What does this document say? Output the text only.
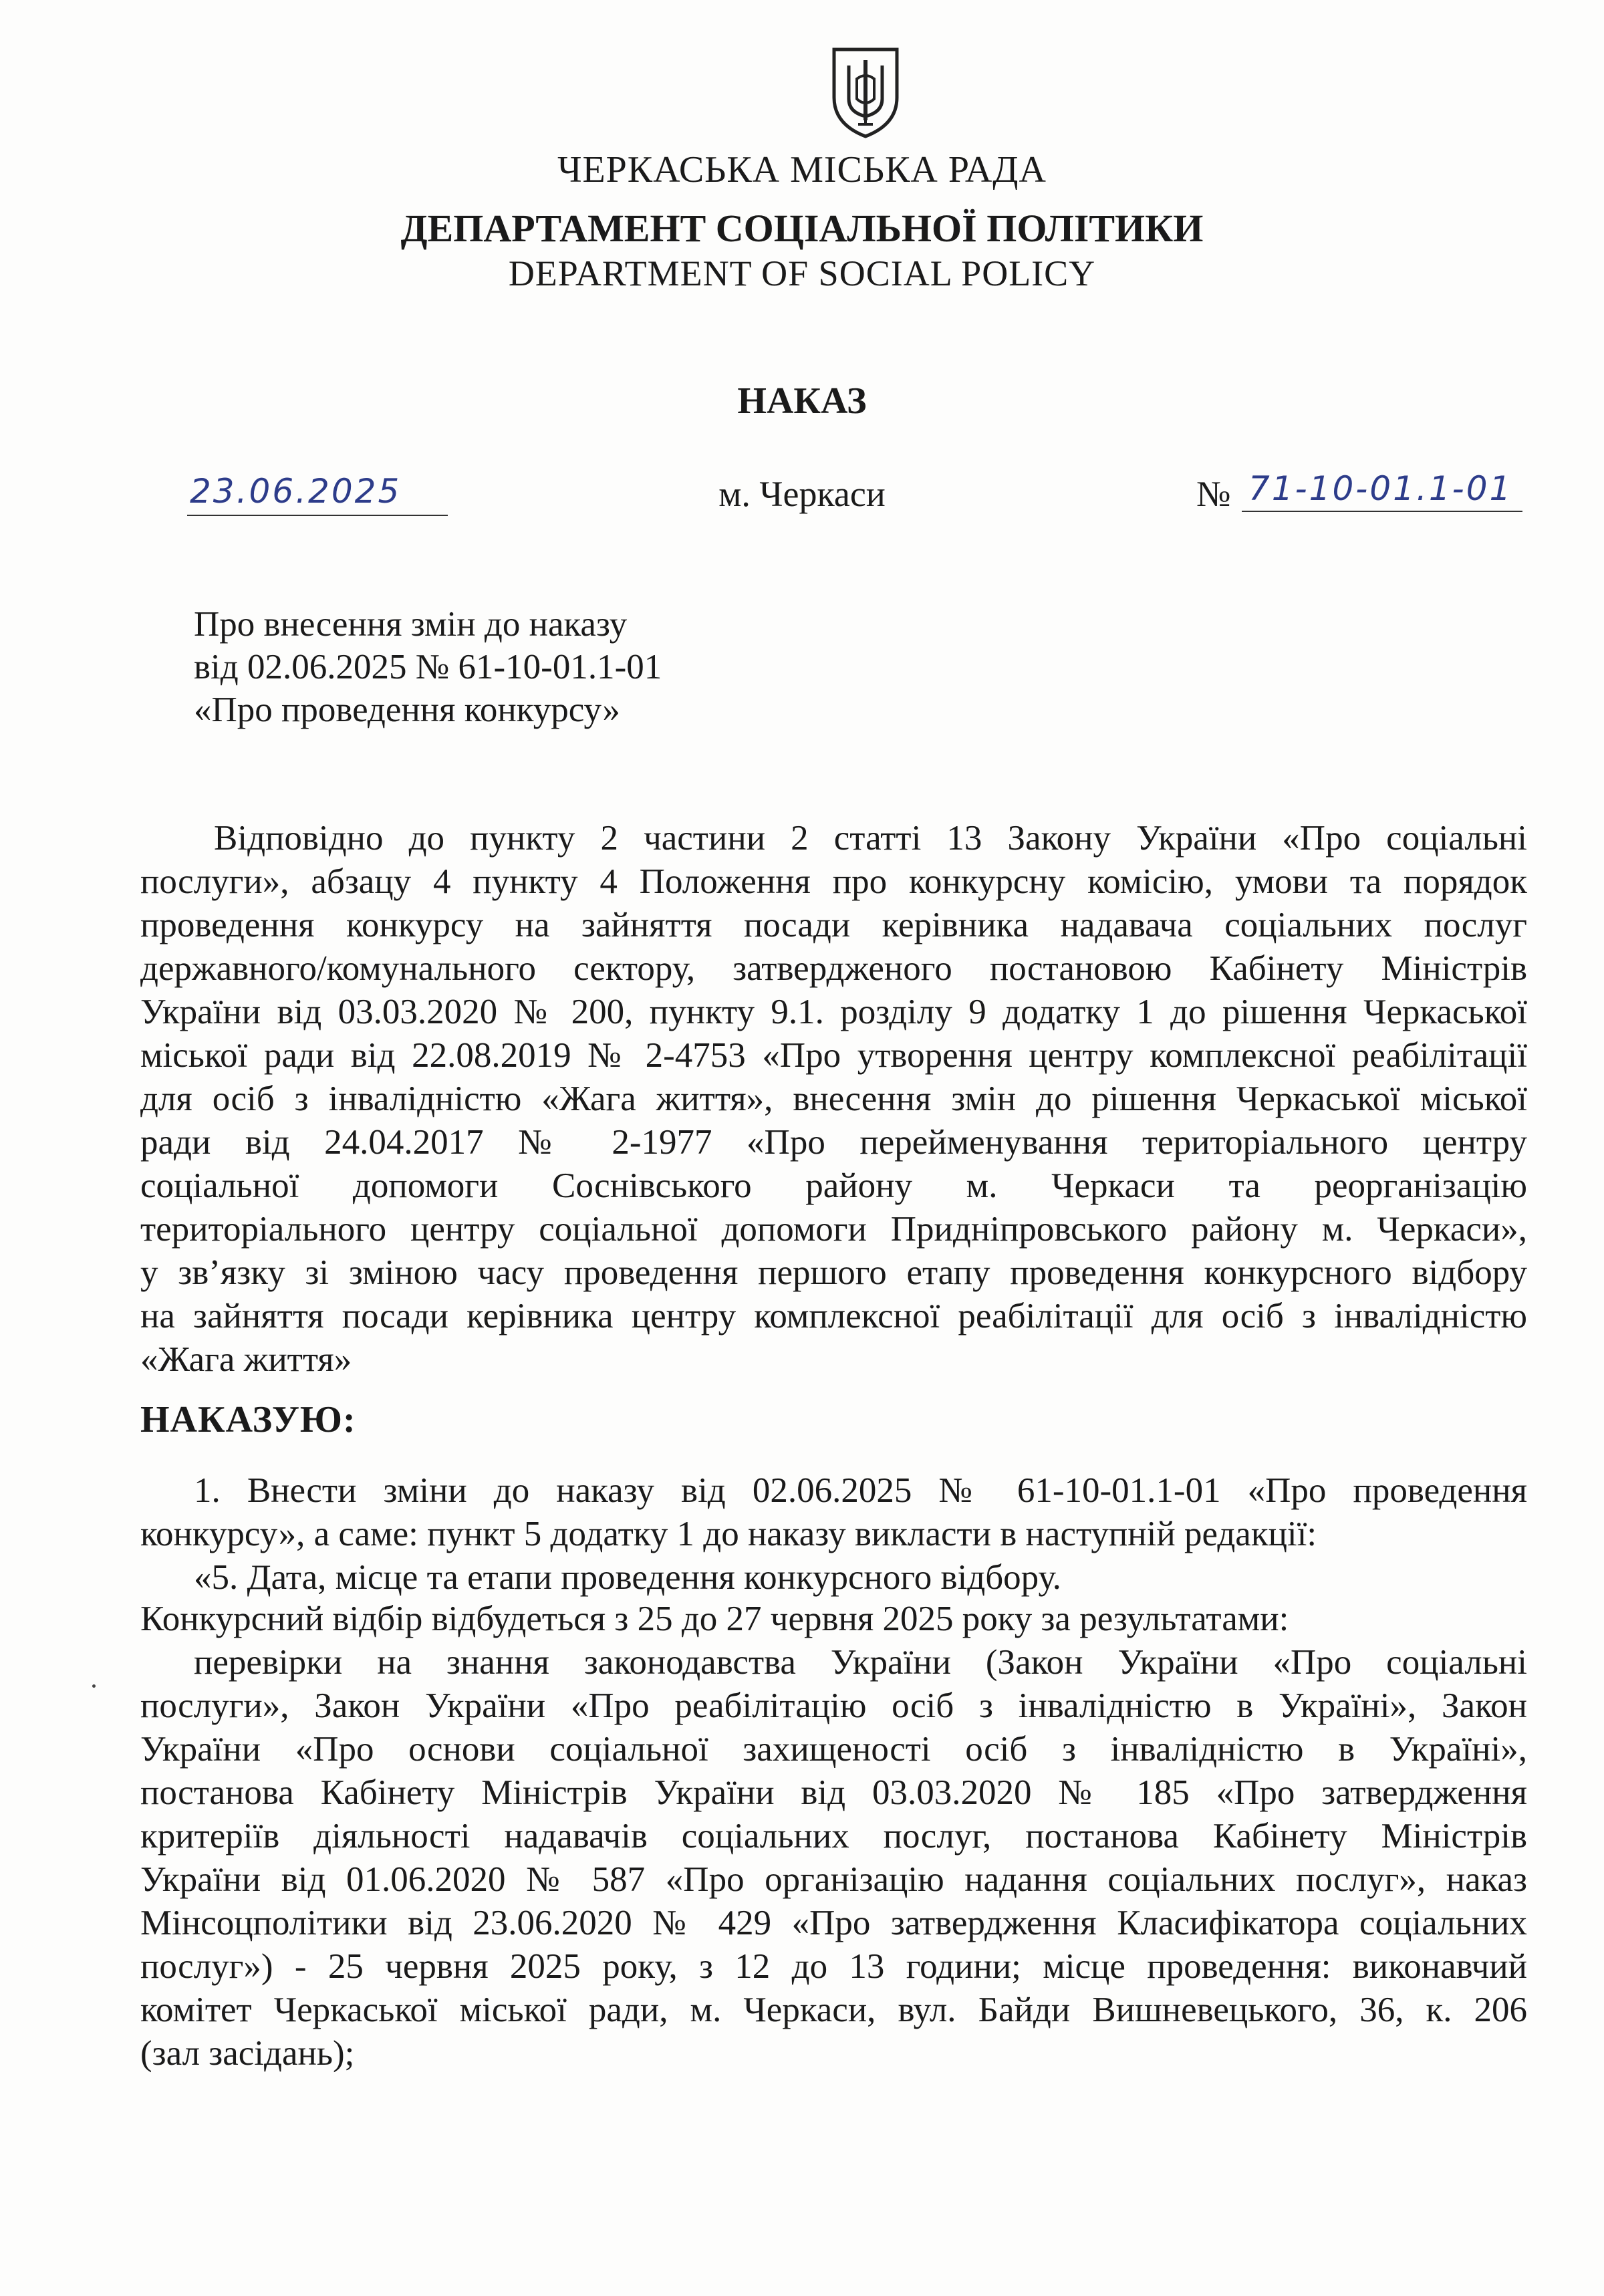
ЧЕРКАСЬКА МІСЬКА РАДА
ДЕПАРТАМЕНТ СОЦІАЛЬНОЇ ПОЛІТИКИ
DEPARTMENT OF SOCIAL POLICY
НАКАЗ
23.06.2025	м. Черкаси	№ 71-10-01.1-01
Про внесення змін до наказу
від 02.06.2025 № 61-10-01.1-01
«Про проведення конкурсу»
Відповідно до пункту 2 частини 2 статті 13 Закону України «Про соціальні
послуги», абзацу 4 пункту 4 Положення про конкурсну комісію, умови та порядок
проведення конкурсу на зайняття посади керівника надавача соціальних послуг
державного/комунального сектору, затвердженого постановою Кабінету Міністрів
України від 03.03.2020 № 200, пункту 9.1. розділу 9 додатку 1 до рішення Черкаської
міської ради від 22.08.2019 № 2-4753 «Про утворення центру комплексної реабілітації
для осіб з інвалідністю «Жага життя», внесення змін до рішення Черкаської міської
ради від 24.04.2017 № 2-1977 «Про перейменування територіального центру
соціальної допомоги Соснівського району м. Черкаси та реорганізацію
територіального центру соціальної допомоги Придніпровського району м. Черкаси»,
у зв’язку зі зміною часу проведення першого етапу проведення конкурсного відбору
на зайняття посади керівника центру комплексної реабілітації для осіб з інвалідністю
«Жага життя»
НАКАЗУЮ:
1. Внести зміни до наказу від 02.06.2025 № 61-10-01.1-01 «Про проведення
конкурсу», а саме: пункт 5 додатку 1 до наказу викласти в наступній редакції:
«5. Дата, місце та етапи проведення конкурсного відбору.
Конкурсний відбір відбудеться з 25 до 27 червня 2025 року за результатами:
перевірки на знання законодавства України (Закон України «Про соціальні
послуги», Закон України «Про реабілітацію осіб з інвалідністю в Україні», Закон
України «Про основи соціальної захищеності осіб з інвалідністю в Україні»,
постанова Кабінету Міністрів України від 03.03.2020 № 185 «Про затвердження
критеріїв діяльності надавачів соціальних послуг, постанова Кабінету Міністрів
України від 01.06.2020 № 587 «Про організацію надання соціальних послуг», наказ
Мінсоцполітики від 23.06.2020 № 429 «Про затвердження Класифікатора соціальних
послуг») - 25 червня 2025 року, з 12 до 13 години; місце проведення: виконавчий
комітет Черкаської міської ради, м. Черкаси, вул. Байди Вишневецького, 36, к. 206
(зал засідань);
